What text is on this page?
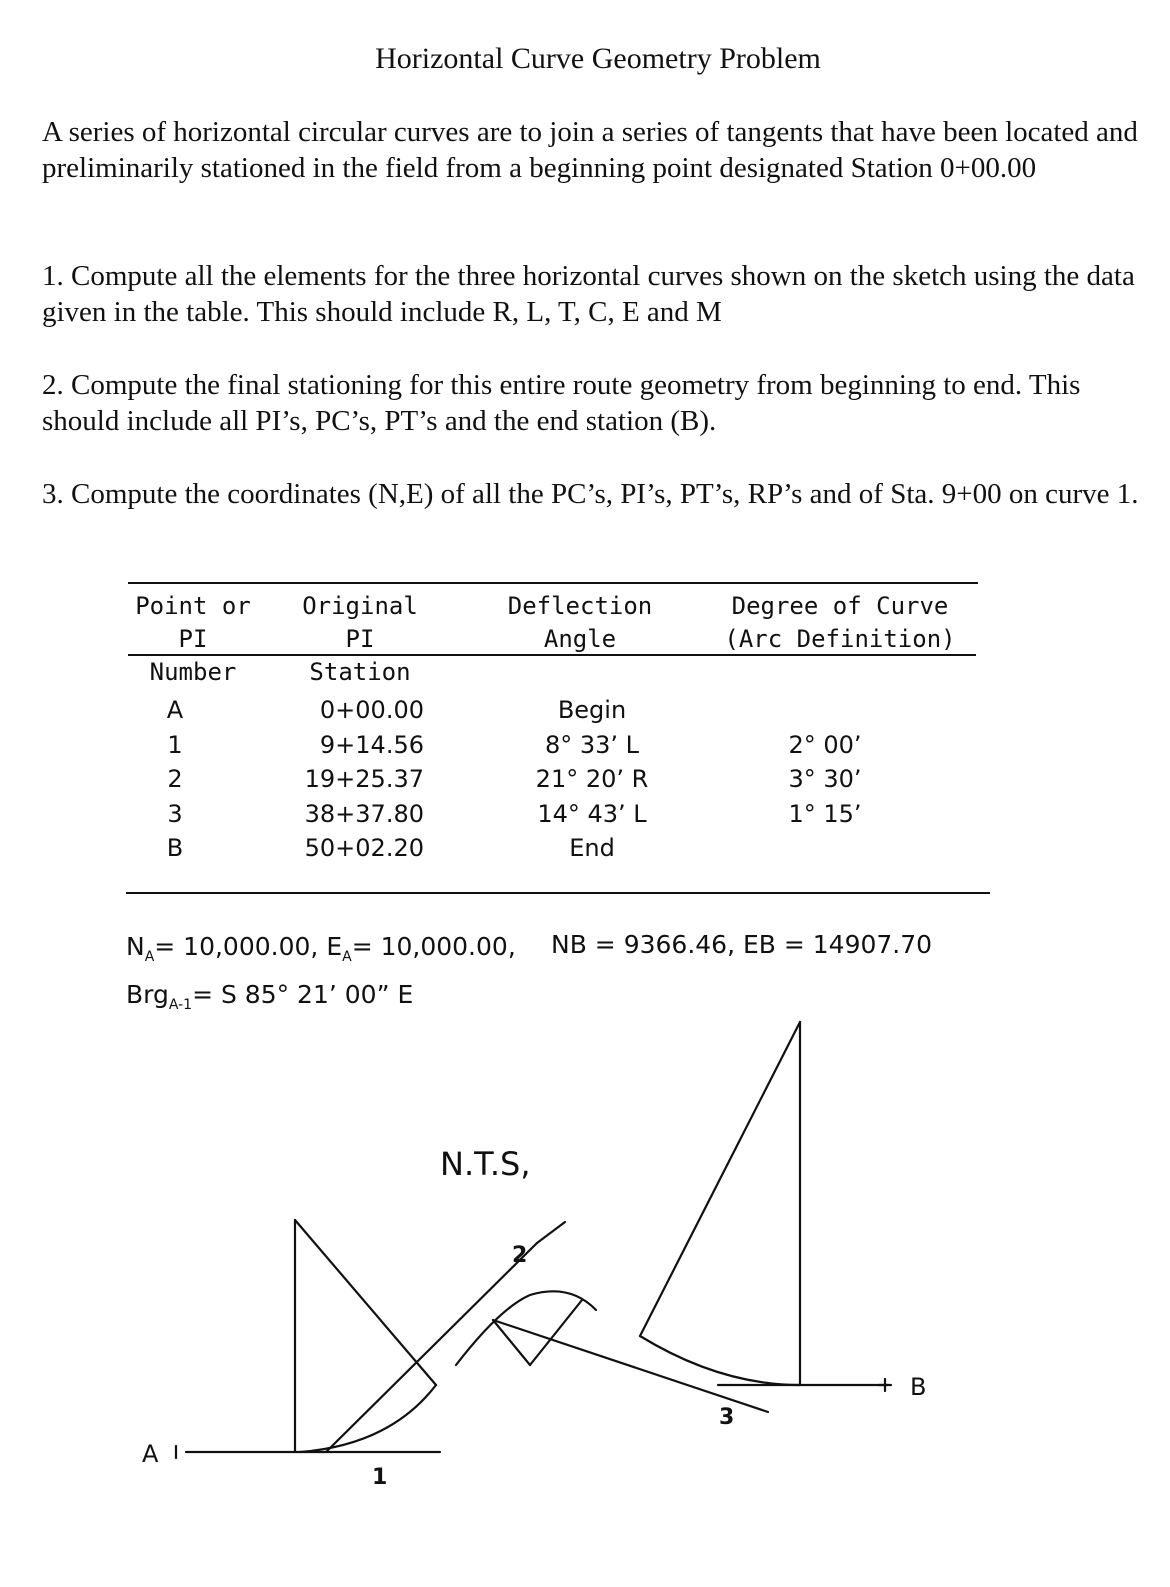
Horizontal Curve Geometry Problem

A series of horizontal circular curves are to join a series of tangents that have been located and preliminarily stationed in the field from a beginning point designated Station 0+00.00

1. Compute all the elements for the three horizontal curves shown on the sketch using the data given in the table. This should include R, L, T, C, E and M

2. Compute the final stationing for this entire route geometry from beginning to end. This should include all PI’s, PC’s, PT’s and the end station (B).

3. Compute the coordinates (N,E) of all the PC’s, PI’s, PT’s, RP’s and of Sta. 9+00 on curve 1.

Point or PI
Number
Original
PI Station
Deflection
Angle
Degree of Curve
(Arc Definition)
A
1
2
3
B
0+00.00
9+14.56
19+25.37
38+37.80
50+02.20
Begin
8° 33’ L
21° 20’ R
14° 43’ L
End
2° 00’
3° 30’
1° 15’
$N_A= 10,000.00$, $E_A= 10,000.00$,
Brg$_{A-1}$= S 85° 21’ 00” E
NB = 9366.46, EB = 14907.70
A
B
1
2
3
N.T.S,
